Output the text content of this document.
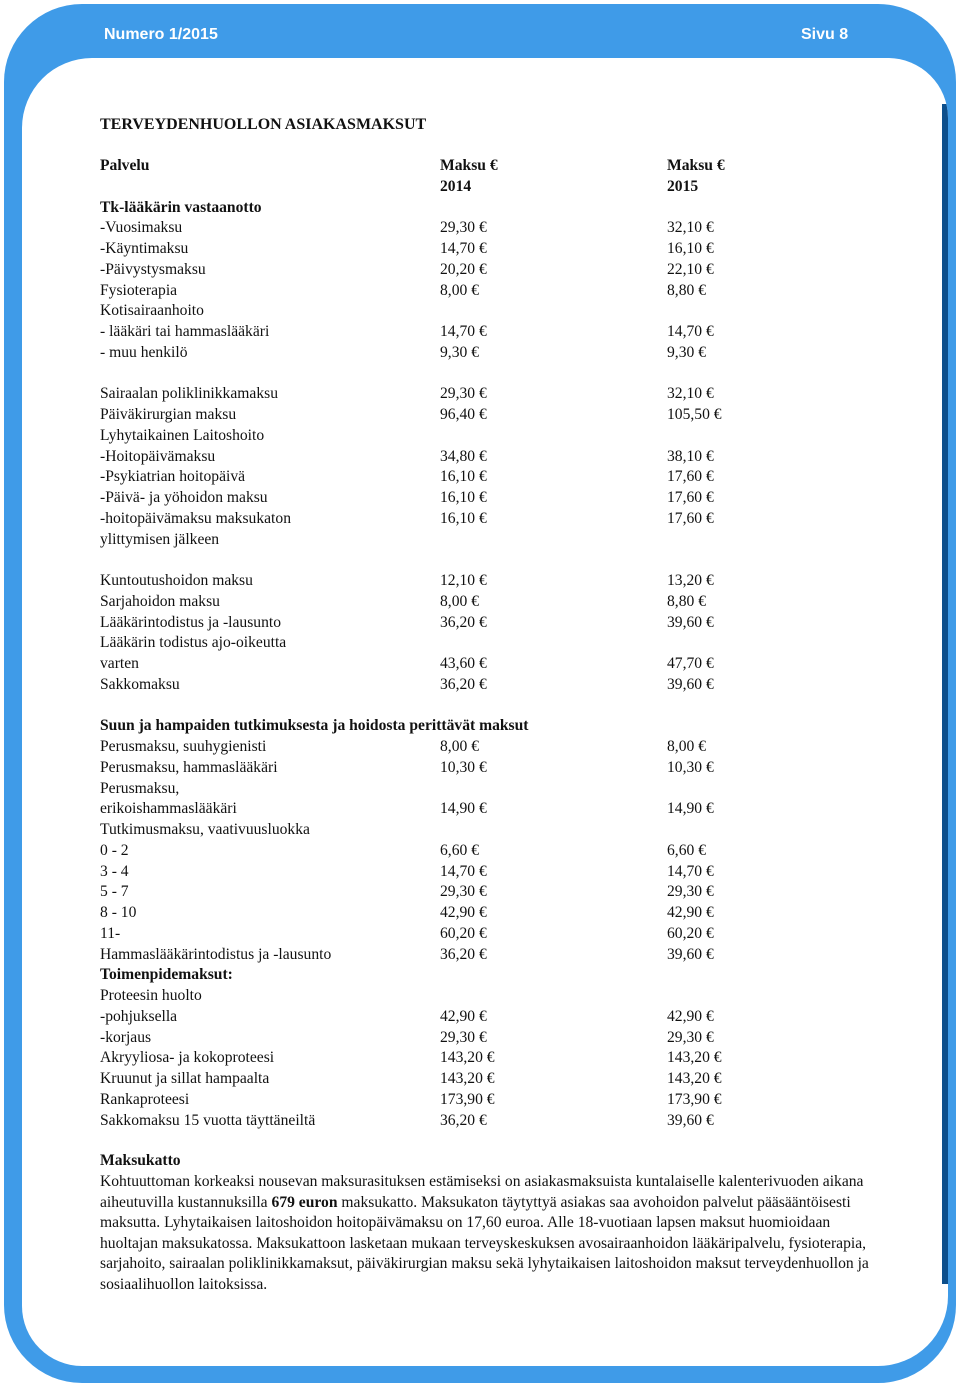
Numero 1/2015	Sivu 8
TERVEYDENHUOLLON ASIAKASMAKSUT
Palvelu	Maksu €	Maksu €
2014	2015
Tk-lääkärin vastaanotto
-Vuosimaksu	29,30 €	32,10 €
-Käyntimaksu	14,70 €	16,10 €
-Päivystysmaksu	20,20 €	22,10 €
Fysioterapia	8,00 €	8,80 €
Kotisairaanhoito
- lääkäri tai hammaslääkäri	14,70 €	14,70 €
- muu henkilö	9,30 €	9,30 €
Sairaalan poliklinikkamaksu	29,30 €	32,10 €
Päiväkirurgian maksu	96,40 €	105,50 €
Lyhytaikainen Laitoshoito
-Hoitopäivämaksu	34,80 €	38,10 €
-Psykiatrian hoitopäivä	16,10 €	17,60 €
-Päivä- ja yöhoidon maksu	16,10 €	17,60 €
-hoitopäivämaksu maksukaton	16,10 €	17,60 €
ylittymisen jälkeen
Kuntoutushoidon maksu	12,10 €	13,20 €
Sarjahoidon maksu	8,00 €	8,80 €
Lääkärintodistus ja -lausunto	36,20 €	39,60 €
Lääkärin todistus ajo-oikeutta
varten	43,60 €	47,70 €
Sakkomaksu	36,20 €	39,60 €
Suun ja hampaiden tutkimuksesta ja hoidosta perittävät maksut
Perusmaksu, suuhygienisti	8,00 €	8,00 €
Perusmaksu, hammaslääkäri	10,30 €	10,30 €
Perusmaksu,
erikoishammaslääkäri	14,90 €	14,90 €
Tutkimusmaksu, vaativuusluokka
0 - 2	6,60 €	6,60 €
3 - 4	14,70 €	14,70 €
5 - 7	29,30 €	29,30 €
8 - 10	42,90 €	42,90 €
11-	60,20 €	60,20 €
Hammaslääkärintodistus ja -lausunto	36,20 €	39,60 €
Toimenpidemaksut:
Proteesin huolto
-pohjuksella	42,90 €	42,90 €
-korjaus	29,30 €	29,30 €
Akryyliosa- ja kokoproteesi	143,20 €	143,20 €
Kruunut ja sillat hampaalta	143,20 €	143,20 €
Rankaproteesi	173,90 €	173,90 €
Sakkomaksu 15 vuotta täyttäneiltä	36,20 €	39,60 €
Maksukatto
Kohtuuttoman korkeaksi nousevan maksurasituksen estämiseksi on asiakasmaksuista kuntalaiselle kalenterivuoden aikana aiheutuvilla kustannuksilla 679 euron maksukatto. Maksukaton täytyttyä asiakas saa avohoidon palvelut pääsääntöisesti maksutta. Lyhytaikaisen laitoshoidon hoitopäivämaksu on 17,60 euroa. Alle 18-vuotiaan lapsen maksut huomioidaan huoltajan maksukatossa. Maksukattoon lasketaan mukaan terveyskeskuksen avosairaanhoidon lääkäripalvelu, fysioterapia, sarjahoito, sairaalan poliklinikkamaksut, päiväkirurgian maksu sekä lyhytaikaisen laitoshoidon maksut terveydenhuollon ja sosiaalihuollon laitoksissa.
